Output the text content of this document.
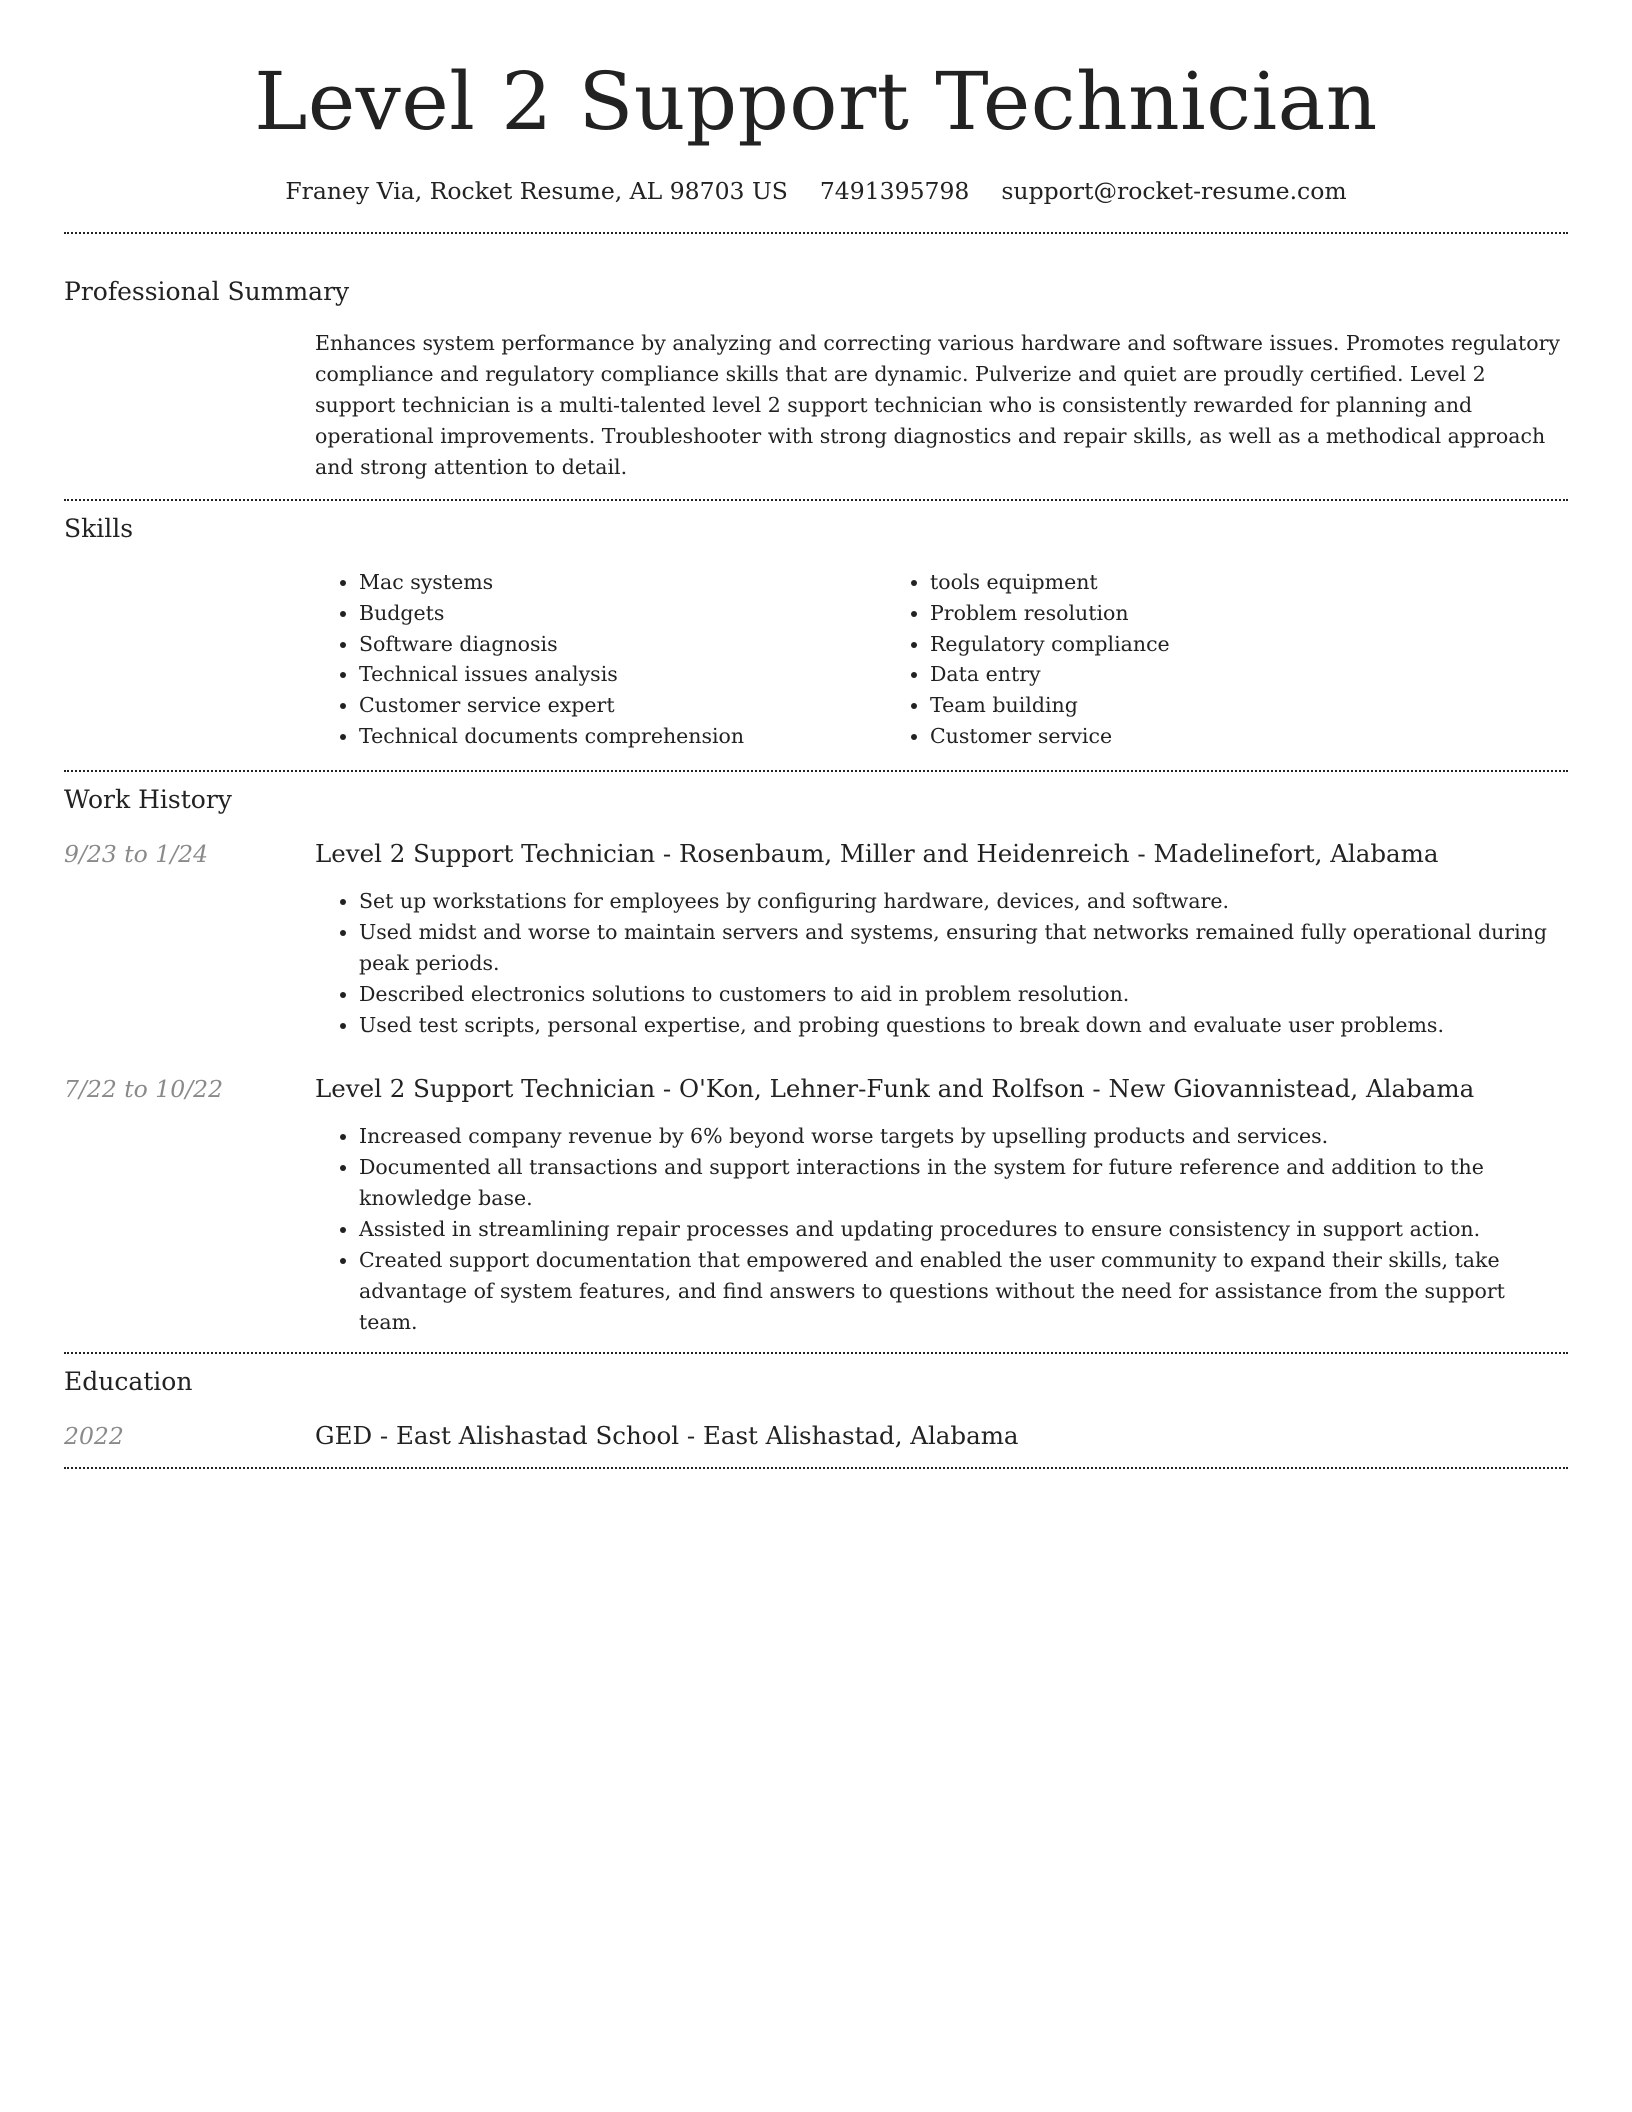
Level 2 Support Technician
Franey Via, Rocket Resume, AL 98703 US 7491395798 support@rocket-resume.com
Professional Summary

Enhances system performance by analyzing and correcting various hardware and software issues. Promotes regulatory compliance and regulatory compliance skills that are dynamic. Pulverize and quiet are proudly certified. Level 2 support technician is a multi-talented level 2 support technician who is consistently rewarded for planning and operational improvements. Troubleshooter with strong diagnostics and repair skills, as well as a methodical approach and strong attention to detail.

Skills
• Mac systems
• Budgets
• Software diagnosis
• Technical issues analysis
• Customer service expert
• Technical documents comprehension
• tools equipment
• Problem resolution
• Regulatory compliance
• Data entry
• Team building
• Customer service
Work History
9/23 to 1/24	Level 2 Support Technician - Rosenbaum, Miller and Heidenreich - Madelinefort, Alabama
• Set up workstations for employees by configuring hardware, devices, and software.
• Used midst and worse to maintain servers and systems, ensuring that networks remained fully operational during peak periods.
• Described electronics solutions to customers to aid in problem resolution.
• Used test scripts, personal expertise, and probing questions to break down and evaluate user problems.
7/22 to 10/22	Level 2 Support Technician - O'Kon, Lehner-Funk and Rolfson - New Giovannistead, Alabama
• Increased company revenue by 6% beyond worse targets by upselling products and services.
• Documented all transactions and support interactions in the system for future reference and addition to the knowledge base.
• Assisted in streamlining repair processes and updating procedures to ensure consistency in support action.
• Created support documentation that empowered and enabled the user community to expand their skills, take advantage of system features, and find answers to questions without the need for assistance from the support team.
Education
2022	GED - East Alishastad School - East Alishastad, Alabama
